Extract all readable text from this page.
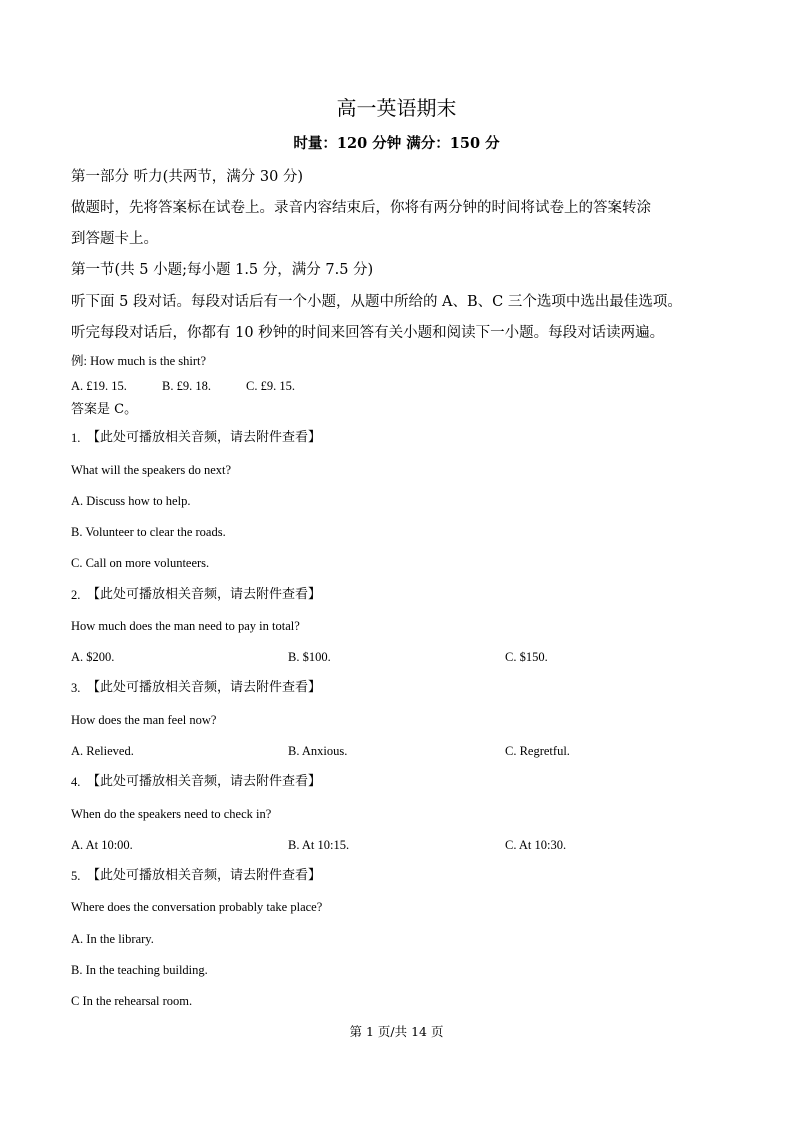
高一英语期末
时量：120 分钟 满分：150 分
第一部分 听力(共两节，满分 30 分)
做题时，先将答案标在试卷上。录音内容结束后，你将有两分钟的时间将试卷上的答案转涂
到答题卡上。
第一节(共 5 小题;每小题 1.5 分，满分 7.5 分)
听下面 5 段对话。每段对话后有一个小题，从题中所给的 A、B、C 三个选项中选出最佳选项。
听完每段对话后，你都有 10 秒钟的时间来回答有关小题和阅读下一小题。每段对话读两遍。
例: How much is the shirt?
A. £19. 15.	B. £9. 18.	C. £9. 15.
答案是 C。
1. 【此处可播放相关音频，请去附件查看】
What will the speakers do next?
A. Discuss how to help.
B. Volunteer to clear the roads.
C. Call on more volunteers.
2. 【此处可播放相关音频，请去附件查看】
How much does the man need to pay in total?
A. $200.	B. $100.	C. $150.
3. 【此处可播放相关音频，请去附件查看】
How does the man feel now?
A. Relieved.	B. Anxious.	C. Regretful.
4. 【此处可播放相关音频，请去附件查看】
When do the speakers need to check in?
A. At 10:00.	B. At 10:15.	C. At 10:30.
5. 【此处可播放相关音频，请去附件查看】
Where does the conversation probably take place?
A. In the library.
B. In the teaching building.
C In the rehearsal room.
第 1 页/共 14 页
